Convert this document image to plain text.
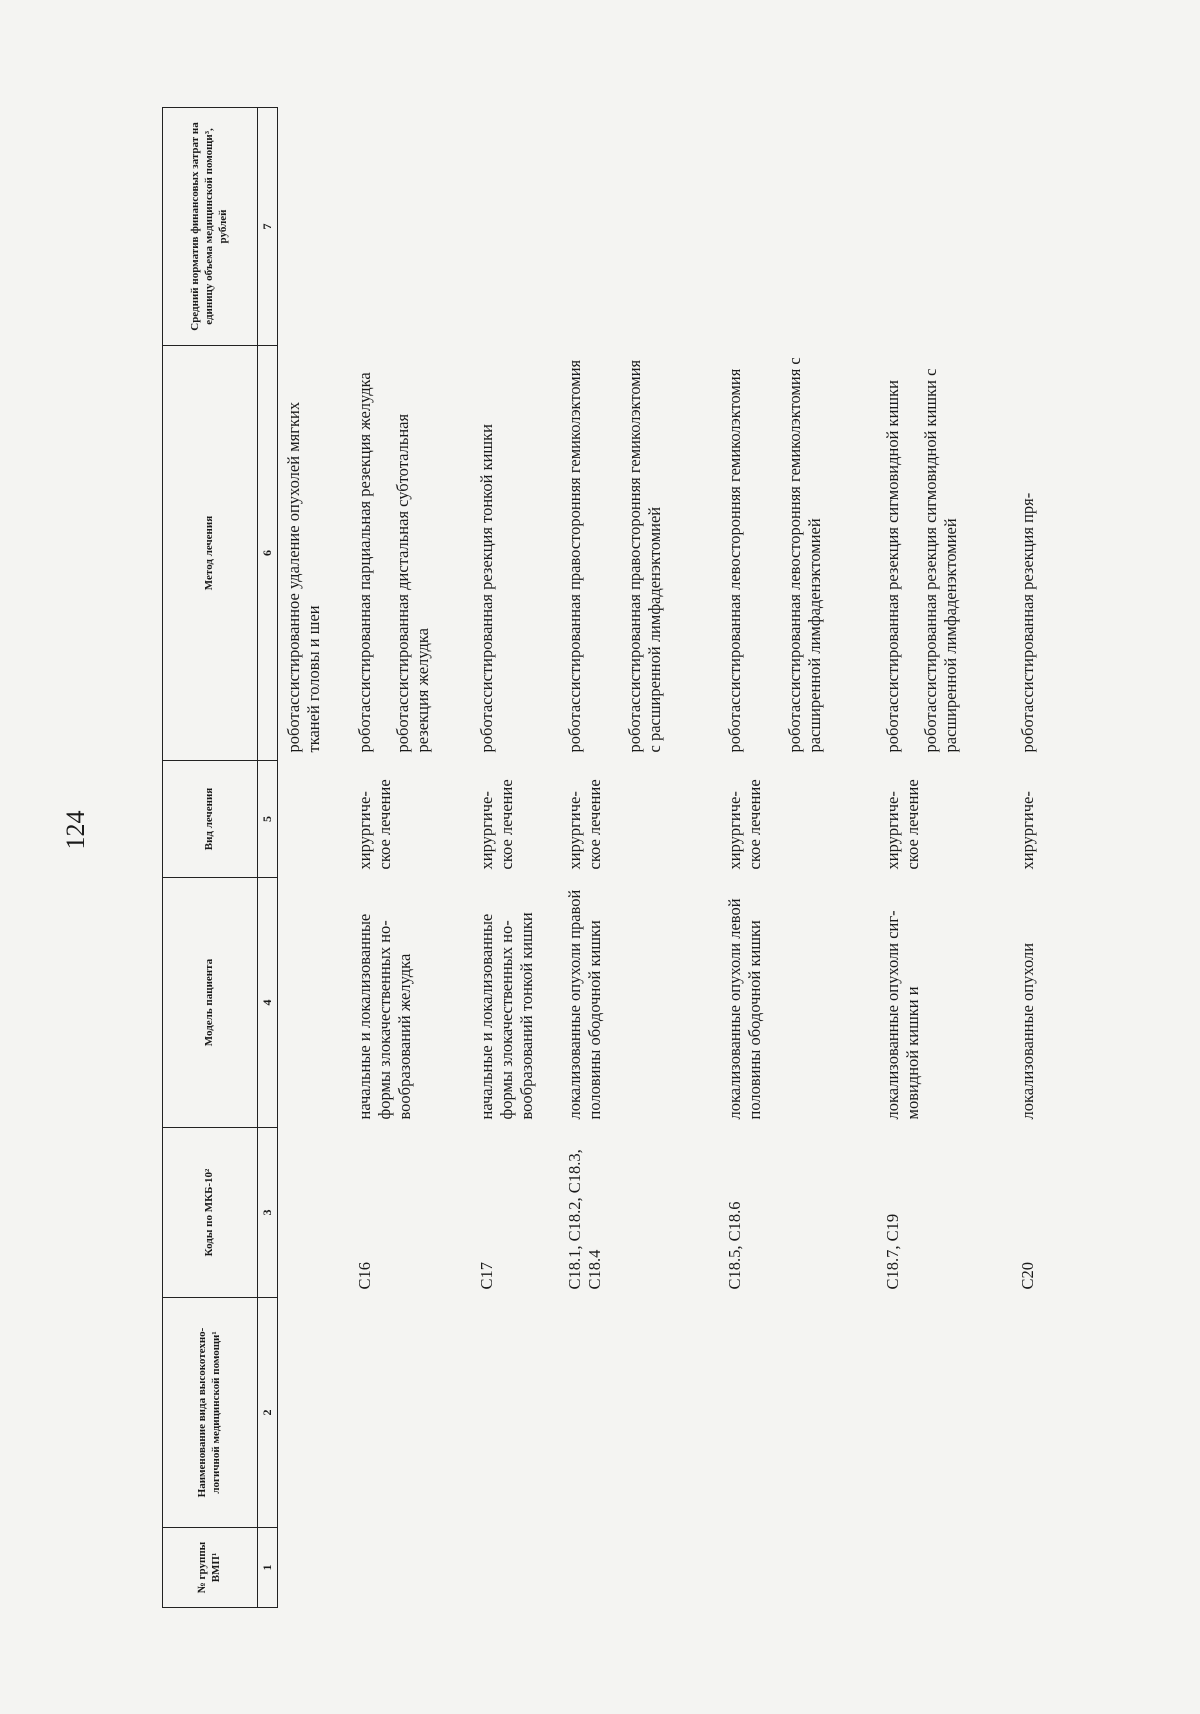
124
№ группы ВМП¹	Наименование вида высокотехнологичной медицинской помощи¹	Коды по МКБ-10²	Модель пациента	Вид лечения	Метод лечения	Средний норматив финансовых затрат на единицу объема медицинской помощи³, рублей
1	2	3	4	5	6	7

					роботассистированное удаление опухолей мягких тканей головы и шеи	

		C16	начальные и локализованные формы злокачественных новообразований желудка	хирургическое лечение	роботассистированная парциальная резекция желудка роботассистированная дистальная субтотальная резекция желудка	

		C17	начальные и локализованные формы злокачественных новообразований тонкой кишки	хирургическое лечение	роботассистированная резекция тонкой кишки	

		C18.1, C18.2, C18.3, C18.4	локализованные опухоли правой половины ободочной кишки	хирургическое лечение	роботассистированная правосторонняя гемиколэктомия роботассистированная правосторонняя гемиколэктомия с расширенной лимфаденэктомией	

		C18.5, C18.6	локализованные опухоли левой половины ободочной кишки	хирургическое лечение	роботассистированная левосторонняя гемиколэктомия роботассистированная левосторонняя гемиколэктомия с расширенной лимфаденэктомией	

		C18.7, C19	локализованные опухоли сигмовидной кишки и	хирургическое лечение	роботассистированная резекция сигмовидной кишки роботассистированная резекция сигмовидной кишки с расширенной лимфаденэктомией	

		C20	локализованные опухоли	хирургиче-	роботассистированная резекция пря-	
